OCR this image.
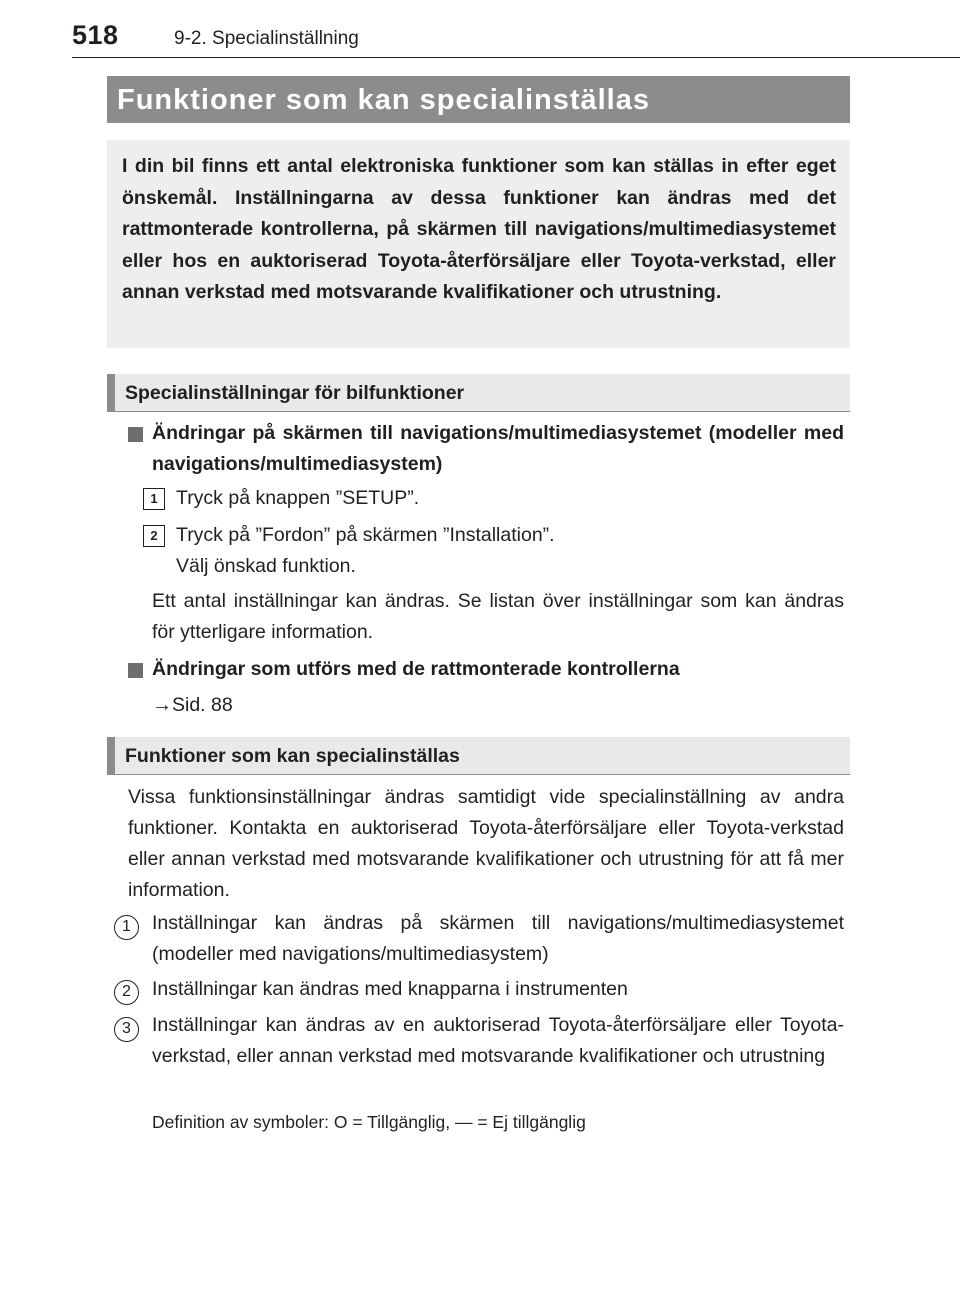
518	9-2. Specialinställning
Funktioner som kan specialinställas
I din bil finns ett antal elektroniska funktioner som kan ställas in efter eget önskemål. Inställningarna av dessa funktioner kan ändras med det rattmonterade kontrollerna, på skärmen till navigations/multimediasystemet eller hos en auktoriserad Toyota-återförsäljare eller Toyota-verkstad, eller annan verkstad med motsvarande kvalifikationer och utrustning.
Specialinställningar för bilfunktioner
Ändringar på skärmen till navigations/multimediasystemet (modeller med navigations/multimediasystem)
1 Tryck på knappen ”SETUP”.
2 Tryck på ”Fordon” på skärmen ”Installation”.
Välj önskad funktion.
Ett antal inställningar kan ändras. Se listan över inställningar som kan ändras för ytterligare information.
Ändringar som utförs med de rattmonterade kontrollerna
→Sid. 88
Funktioner som kan specialinställas
Vissa funktionsinställningar ändras samtidigt vide specialinställning av andra funktioner. Kontakta en auktoriserad Toyota-återförsäljare eller Toyota-verkstad eller annan verkstad med motsvarande kvalifikationer och utrustning för att få mer information.
1	Inställningar kan ändras på skärmen till navigations/multimediasystemet (modeller med navigations/multimediasystem)
2	Inställningar kan ändras med knapparna i instrumenten
3	Inställningar kan ändras av en auktoriserad Toyota-återförsäljare eller Toyota-verkstad, eller annan verkstad med motsvarande kvalifikationer och utrustning
Definition av symboler: O = Tillgänglig, — = Ej tillgänglig
